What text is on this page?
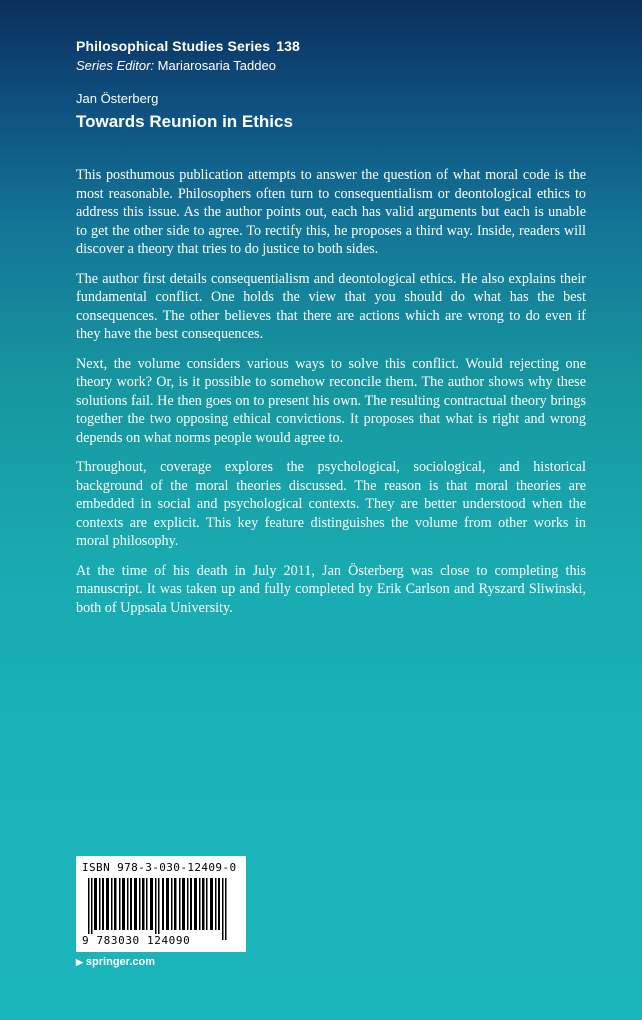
Philosophical Studies Series 138
Series Editor: Mariarosaria Taddeo
Jan Österberg
Towards Reunion in Ethics

This posthumous publication attempts to answer the question of what moral code is the most reasonable. Philosophers often turn to consequentialism or deontological ethics to address this issue. As the author points out, each has valid arguments but each is unable to get the other side to agree. To rectify this, he proposes a third way. Inside, readers will discover a theory that tries to do justice to both sides.

The author first details consequentialism and deontological ethics. He also explains their fundamental conflict. One holds the view that you should do what has the best consequences. The other believes that there are actions which are wrong to do even if they have the best consequences.

Next, the volume considers various ways to solve this conflict. Would rejecting one theory work? Or, is it possible to somehow reconcile them. The author shows why these solutions fail. He then goes on to present his own. The resulting contractual theory brings together the two opposing ethical convictions. It proposes that what is right and wrong depends on what norms people would agree to.

Throughout, coverage explores the psychological, sociological, and historical background of the moral theories discussed. The reason is that moral theories are embedded in social and psychological contexts. They are better understood when the contexts are explicit. This key feature distinguishes the volume from other works in moral philosophy.

At the time of his death in July 2011, Jan Österberg was close to completing this manuscript. It was taken up and fully completed by Erik Carlson and Ryszard Sliwinski, both of Uppsala University.

ISBN 978-3-030-12409-0
9 783030 124090
▶ springer.com
